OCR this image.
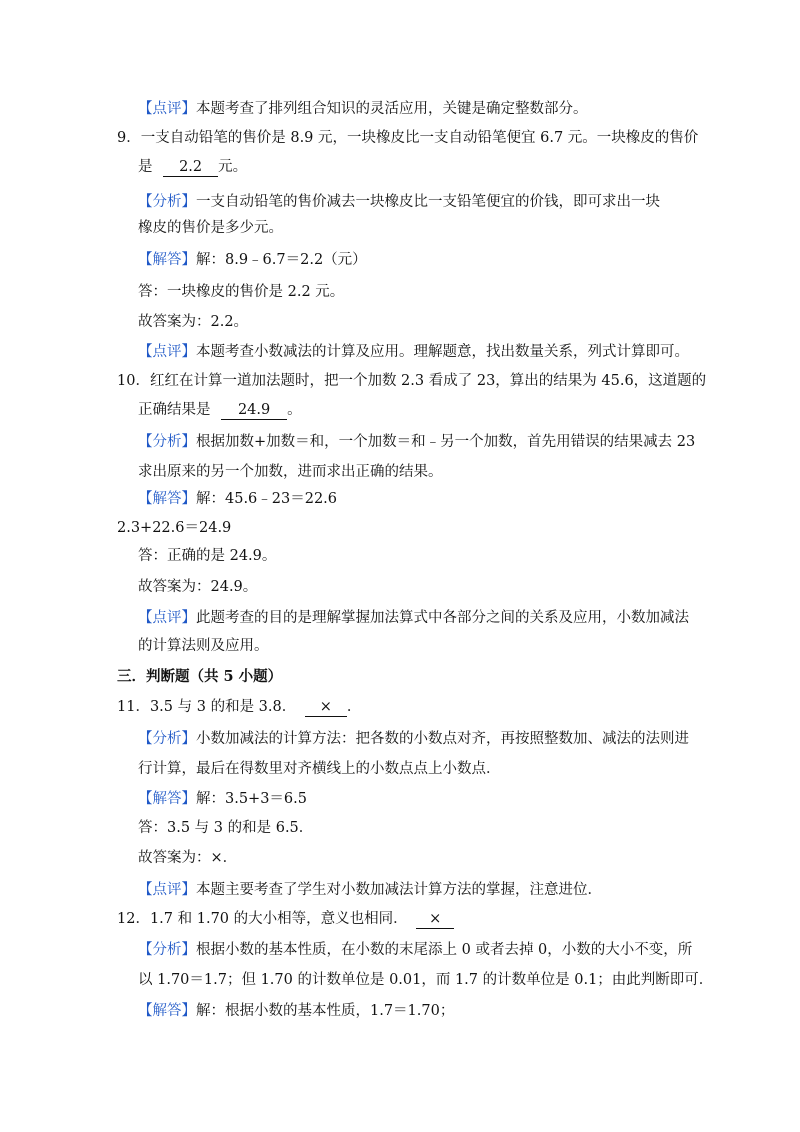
【点评】本题考查了排列组合知识的灵活应用，关键是确定整数部分。
9．一支自动铅笔的售价是 8.9 元，一块橡皮比一支自动铅笔便宜 6.7 元。一块橡皮的售价
是 2.2 元。
【分析】一支自动铅笔的售价减去一块橡皮比一支铅笔便宜的价钱，即可求出一块
橡皮的售价是多少元。
【解答】解：8.9﹣6.7＝2.2（元）
答：一块橡皮的售价是 2.2 元。
故答案为：2.2。
【点评】本题考查小数减法的计算及应用。理解题意，找出数量关系，列式计算即可。
10．红红在计算一道加法题时，把一个加数 2.3 看成了 23，算出的结果为 45.6，这道题的
正确结果是 24.9 。
【分析】根据加数+加数＝和，一个加数＝和﹣另一个加数，首先用错误的结果减去 23
求出原来的另一个加数，进而求出正确的结果。
【解答】解：45.6﹣23＝22.6
2.3+22.6＝24.9
答：正确的是 24.9。
故答案为：24.9。
【点评】此题考查的目的是理解掌握加法算式中各部分之间的关系及应用，小数加减法
的计算法则及应用。
三．判断题（共 5 小题）
11．3.5 与 3 的和是 3.8． × ．
【分析】小数加减法的计算方法：把各数的小数点对齐，再按照整数加、减法的法则进
行计算，最后在得数里对齐横线上的小数点点上小数点．
【解答】解：3.5+3＝6.5
答：3.5 与 3 的和是 6.5．
故答案为：×．
【点评】本题主要考查了学生对小数加减法计算方法的掌握，注意进位．
12．1.7 和 1.70 的大小相等，意义也相同． ×
【分析】根据小数的基本性质，在小数的末尾添上 0 或者去掉 0，小数的大小不变，所
以 1.70＝1.7；但 1.70 的计数单位是 0.01，而 1.7 的计数单位是 0.1；由此判断即可．
【解答】解：根据小数的基本性质，1.7＝1.70；
